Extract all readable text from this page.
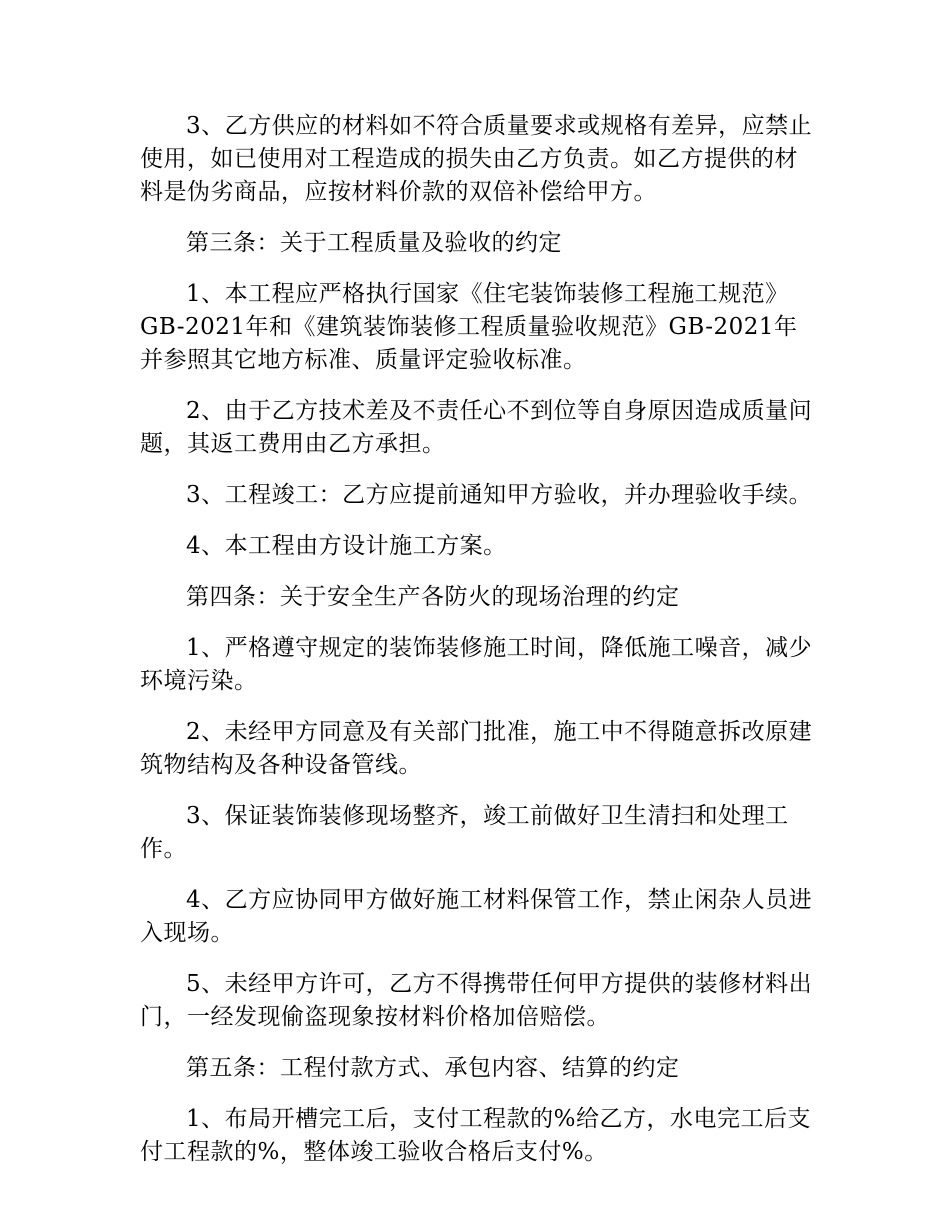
3、乙方供应的材料如不符合质量要求或规格有差异，应禁止使用，如已使用对工程造成的损失由乙方负责。如乙方提供的材料是伪劣商品，应按材料价款的双倍补偿给甲方。

第三条：关于工程质量及验收的约定

1、本工程应严格执行国家《住宅装饰装修工程施工规范》GB-2021年和《建筑装饰装修工程质量验收规范》GB-2021年并参照其它地方标准、质量评定验收标准。

2、由于乙方技术差及不责任心不到位等自身原因造成质量问题，其返工费用由乙方承担。

3、工程竣工：乙方应提前通知甲方验收，并办理验收手续。

4、本工程由方设计施工方案。

第四条：关于安全生产各防火的现场治理的约定

1、严格遵守规定的装饰装修施工时间，降低施工噪音，减少环境污染。

2、未经甲方同意及有关部门批准，施工中不得随意拆改原建筑物结构及各种设备管线。

3、保证装饰装修现场整齐，竣工前做好卫生清扫和处理工作。

4、乙方应协同甲方做好施工材料保管工作，禁止闲杂人员进入现场。

5、未经甲方许可，乙方不得携带任何甲方提供的装修材料出门，一经发现偷盗现象按材料价格加倍赔偿。

第五条：工程付款方式、承包内容、结算的约定

1、布局开槽完工后，支付工程款的%给乙方，水电完工后支付工程款的%，整体竣工验收合格后支付%。
